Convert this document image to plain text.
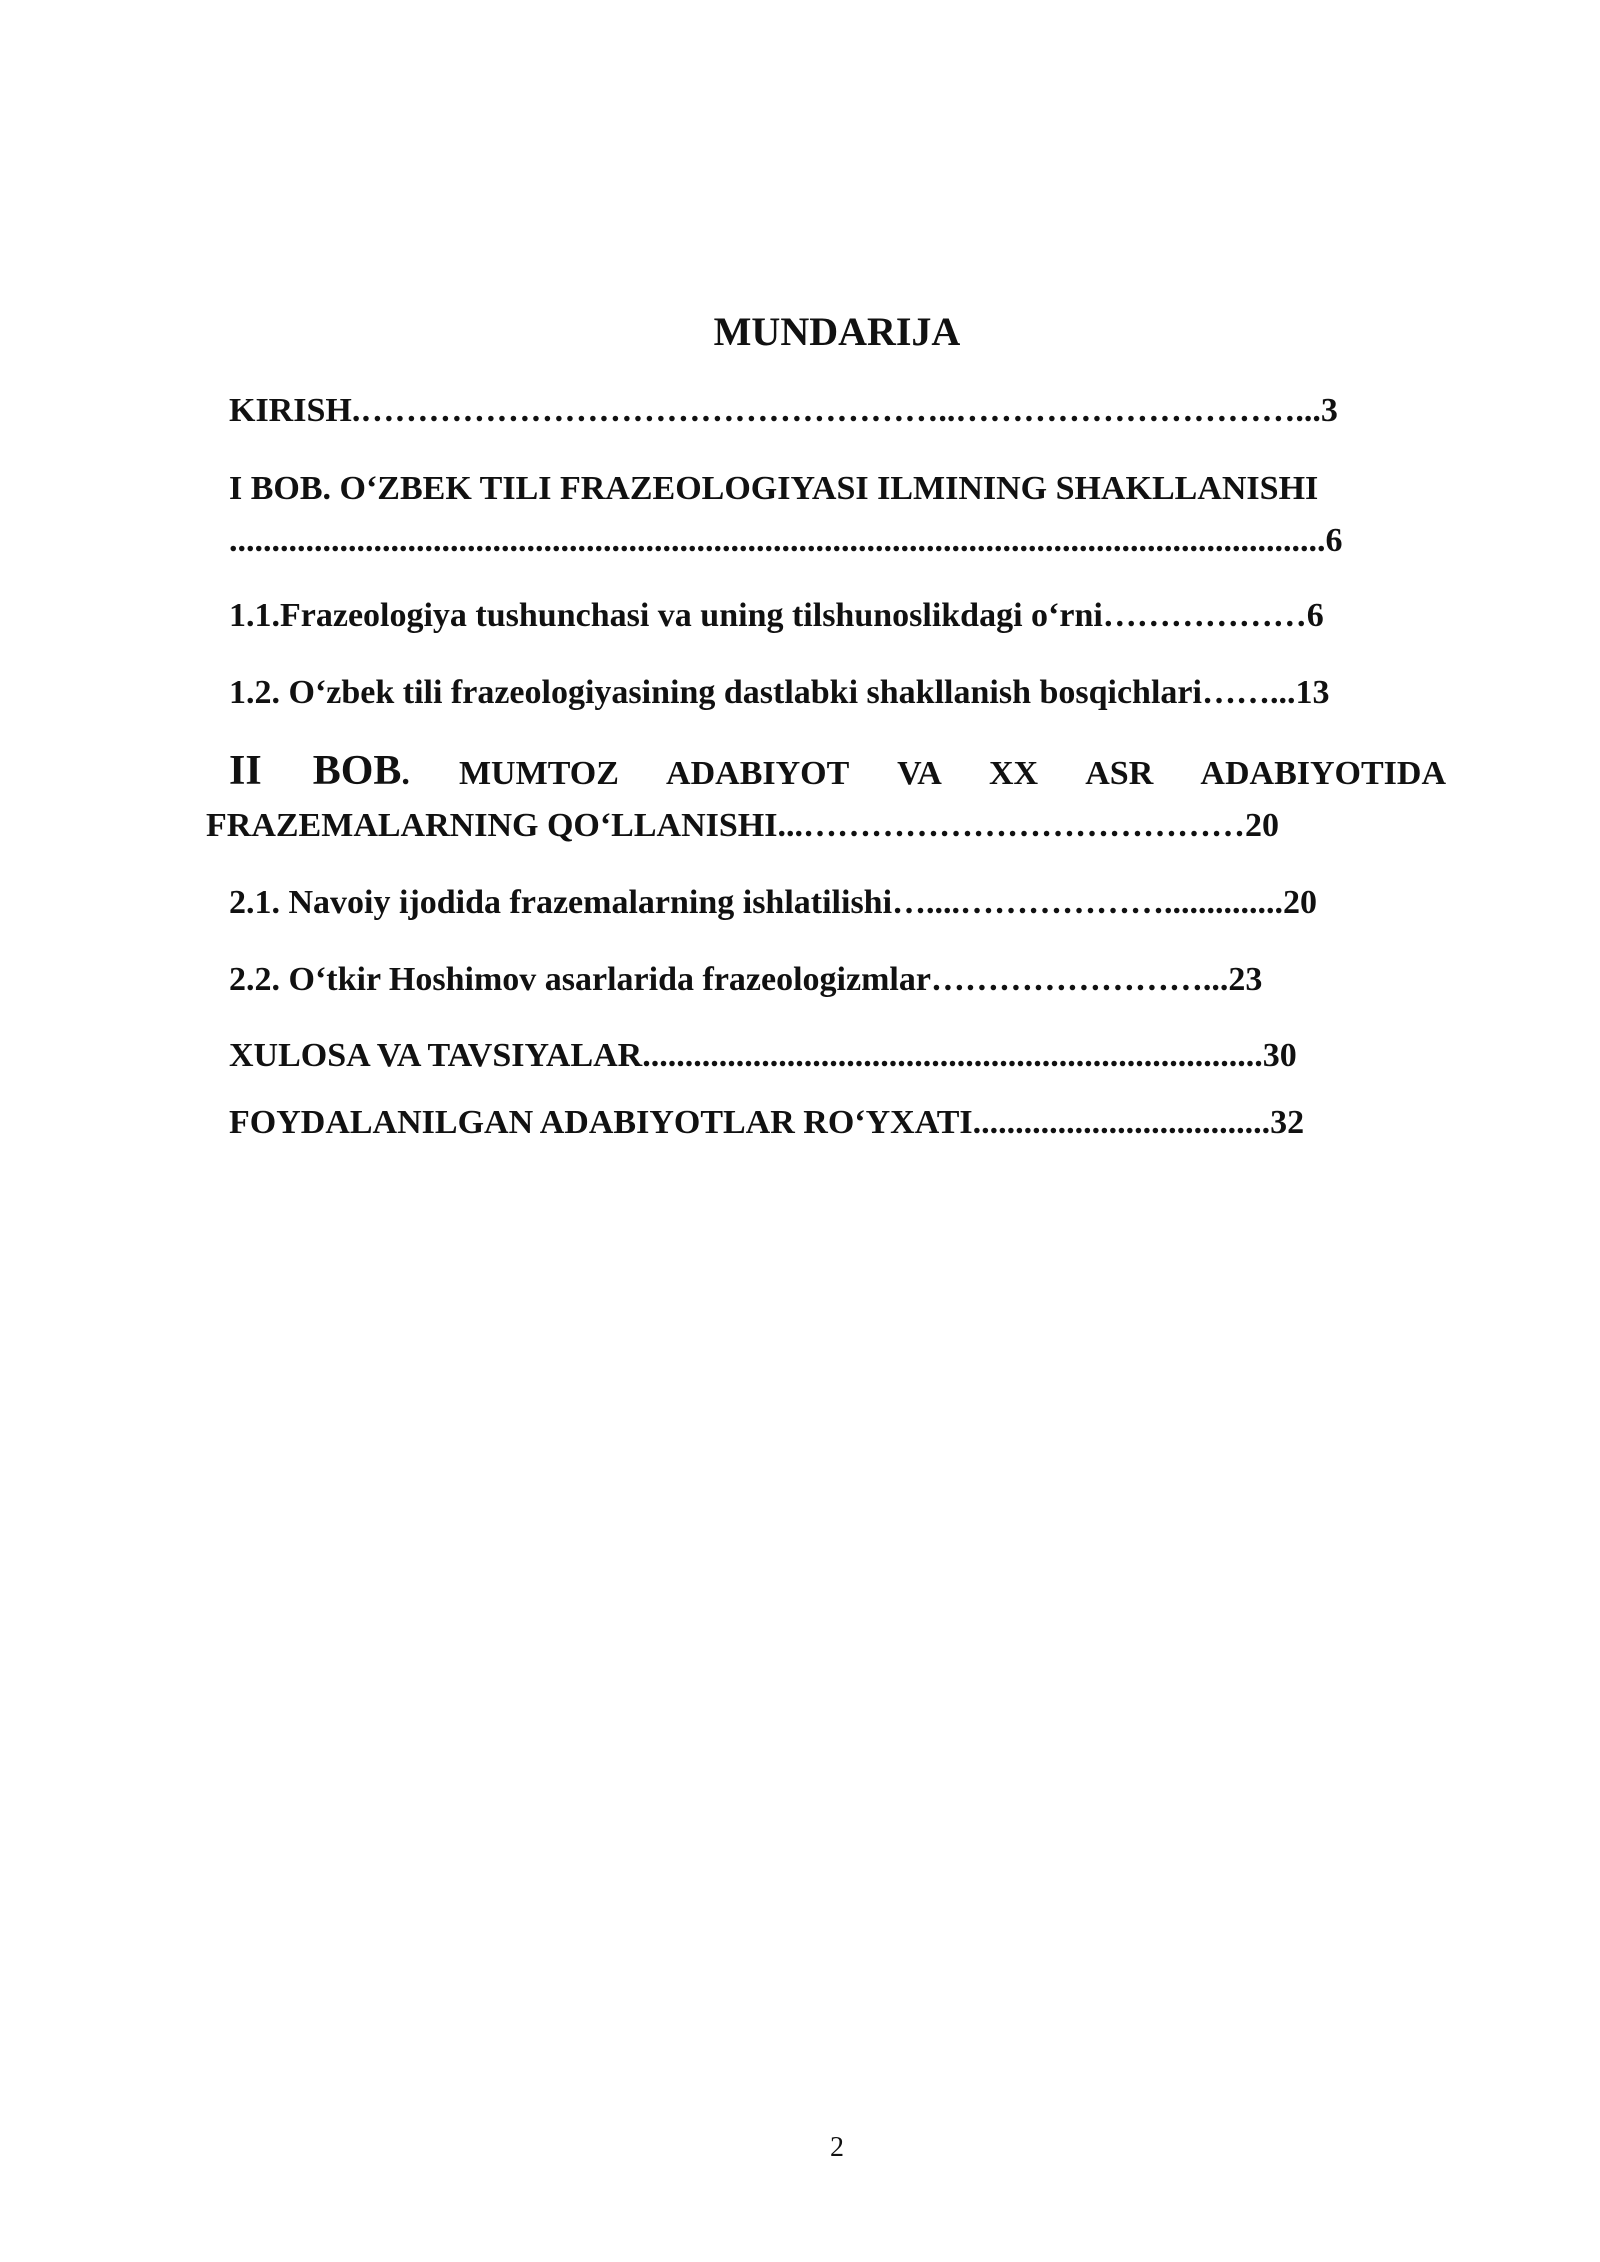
MUNDARIJA
KIRISH.……………………………………………..…………………………...3
I BOB. O‘ZBEK TILI FRAZEOLOGIYASI ILMINING SHAKLLANISHI
.................................................................................................................................6
1.1.Frazeologiya tushunchasi va uning tilshunoslikdagi o‘rni………………6
1.2. O‘zbek tili frazeologiyasining dastlabki shakllanish bosqichlari……...13
II BOB. MUMTOZ ADABIYOT VA XX ASR ADABIYOTIDA
FRAZEMALARNING QO‘LLANISHI...…………………………………20
2.1. Navoiy ijodida frazemalarning ishlatilishi…....………………..............20
2.2. O‘tkir Hoshimov asarlarida frazeologizmlar……………………...23
XULOSA VA TAVSIYALAR.........................................................................30
FOYDALANILGAN ADABIYOTLAR RO‘YXATI...................................32
2
